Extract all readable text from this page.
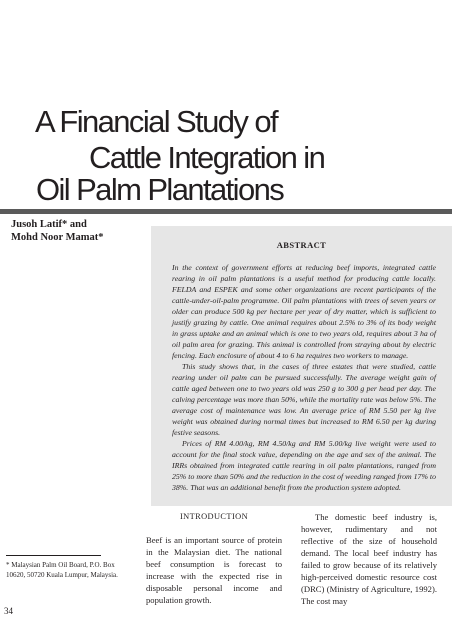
A Financial Study of
Cattle Integration in
Oil Palm Plantations
Jusoh Latif* and
Mohd Noor Mamat*
ABSTRACT

In the context of government efforts at reducing beef imports, integrated cattle rearing in oil palm plantations is a useful method for producing cattle locally. FELDA and ESPEK and some other organizations are recent participants of the cattle-under-oil-palm programme. Oil palm plantations with trees of seven years or older can produce 500 kg per hectare per year of dry matter, which is sufficient to justify grazing by cattle. One animal requires about 2.5% to 3% of its body weight in grass uptake and an animal which is one to two years old, requires about 3 ha of oil palm area for grazing. This animal is controlled from straying about by electric fencing. Each enclosure of about 4 to 6 ha requires two workers to manage.

This study shows that, in the cases of three estates that were studied, cattle rearing under oil palm can be pursued successfully. The average weight gain of cattle aged between one to two years old was 250 g to 300 g per head per day. The calving percentage was more than 50%, while the mortality rate was below 5%. The average cost of maintenance was low. An average price of RM 5.50 per kg live weight was obtained during normal times but increased to RM 6.50 per kg during festive seasons.

Prices of RM 4.00/kg, RM 4.50/kg and RM 5.00/kg live weight were used to account for the final stock value, depending on the age and sex of the animal. The IRRs obtained from integrated cattle rearing in oil palm plantations, ranged from 25% to more than 50% and the reduction in the cost of weeding ranged from 17% to 38%. That was an additional benefit from the production system adopted.

INTRODUCTION

Beef is an important source of protein in the Malaysian diet. The national beef consumption is forecast to increase with the expected rise in disposable personal income and population growth.

The domestic beef industry is, however, rudimentary and not reflective of the size of household demand. The local beef industry has failed to grow because of its relatively high-perceived domestic resource cost (DRC) (Ministry of Agriculture, 1992). The cost may

* Malaysian Palm Oil Board, P.O. Box 10620, 50720 Kuala Lumpur, Malaysia.
34
